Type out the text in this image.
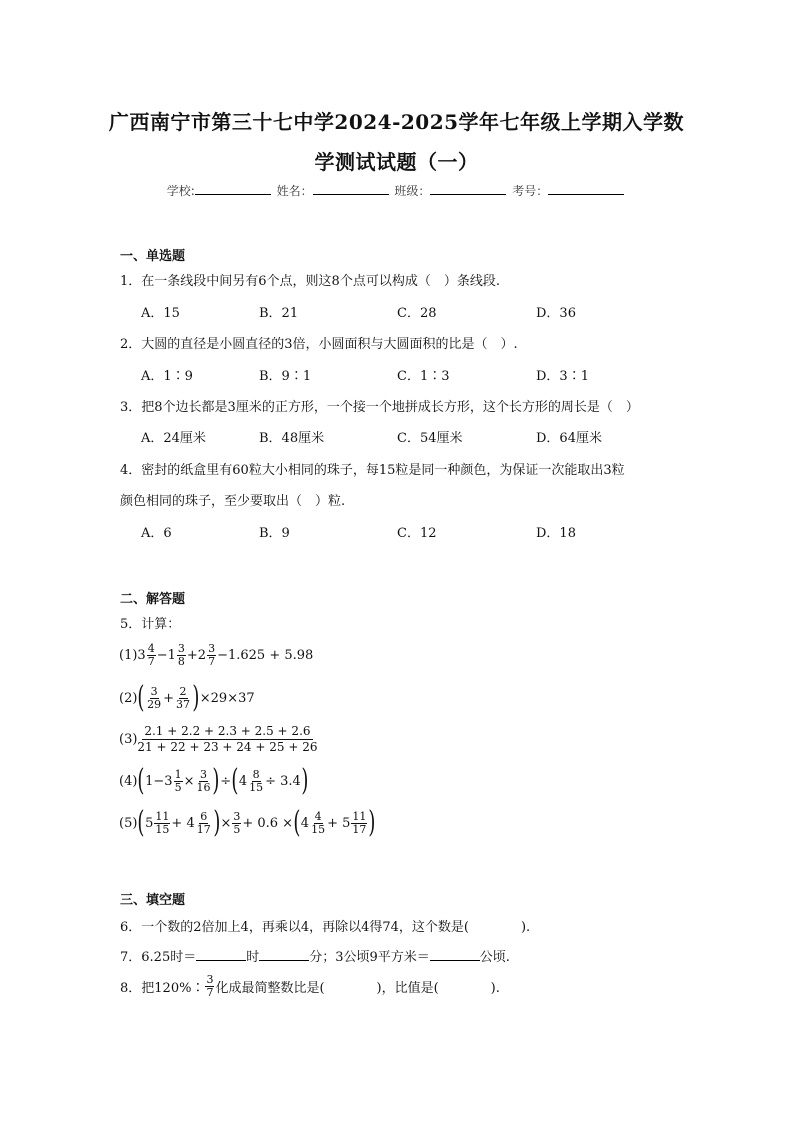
广西南宁市第三十七中学2024-2025学年七年级上学期入学数
学测试试题（一）
学校:	姓名：	班级：	考号：
一、单选题
1．在一条线段中间另有6个点，则这8个点可以构成（　）条线段.
A．15	B．21	C．28	D．36
2．大圆的直径是小圆直径的3倍，小圆面积与大圆面积的比是（　）.
A．1∶9	B．9∶1	C．1∶3	D．3∶1
3．把8个边长都是3厘米的正方形，一个接一个地拼成长方形，这个长方形的周长是（　）
A．24厘米	B．48厘米	C．54厘米	D．64厘米
4．密封的纸盒里有60粒大小相同的珠子，每15粒是同一种颜色，为保证一次能取出3粒
颜色相同的珠子，至少要取出（　）粒.
A．6	B．9	C．12	D．18
二、解答题
5．计算：
(1) $3 \frac{4}{7} - 1 \frac{3}{8} + 2 \frac{3}{7} -1.625 + 5.98$
(2) ( $\frac{3}{29} + \frac{2}{37}$ ) ×29×37
(3)
2.1 + 2.2 + 2.3 + 2.5 + 2.6
21 + 22 + 23 + 24 + 25 + 26
(4) ( $1-3 \frac{1}{5} \times \frac{3}{16}$ ) ÷ ( $4 \frac{8}{15} \div 3.4$ )
(5) ( $5 \frac{11}{15} + 4 \frac{6}{17}$ ) × $\frac{3}{5} + 0.6$ × ( $4 \frac{4}{15} + 5 \frac{11}{17}$ )
三、填空题
6．一个数的2倍加上4，再乘以4，再除以4得74，这个数是(　　　　).
7．6.25时＝	时	分；3公顷9平方米＝	公顷.
8．把120%∶ $\frac{3}{7}$ 化成最简整数比是(　　　　)，比值是(　　　　).
